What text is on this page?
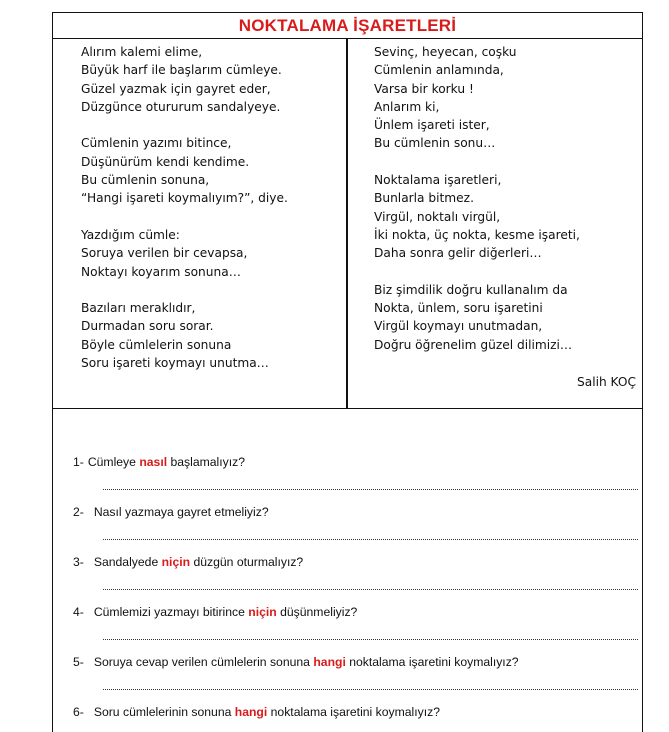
NOKTALAMA İŞARETLERİ
Alırım kalemi elime,
Büyük harf ile başlarım cümleye.
Güzel yazmak için gayret eder,
Düzgünce otururum sandalyeye.
Cümlenin yazımı bitince,
Düşünürüm kendi kendime.
Bu cümlenin sonuna,
“Hangi işareti koymalıyım?”, diye.
Yazdığım cümle:
Soruya verilen bir cevapsa,
Noktayı koyarım sonuna…
Bazıları meraklıdır,
Durmadan soru sorar.
Böyle cümlelerin sonuna
Soru işareti koymayı unutma…
Sevinç, heyecan, coşku
Cümlenin anlamında,
Varsa bir korku !
Anlarım ki,
Ünlem işareti ister,
Bu cümlenin sonu…
Noktalama işaretleri,
Bunlarla bitmez.
Virgül, noktalı virgül,
İki nokta, üç nokta, kesme işareti,
Daha sonra gelir diğerleri…
Biz şimdilik doğru kullanalım da
Nokta, ünlem, soru işaretini
Virgül koymayı unutmadan,
Doğru öğrenelim güzel dilimizi…
Salih KOÇ
1- Cümleye nasıl başlamalıyız?
2- Nasıl yazmaya gayret etmeliyiz?
3- Sandalyede niçin düzgün oturmalıyız?
4- Cümlemizi yazmayı bitirince niçin düşünmeliyiz?
5- Soruya cevap verilen cümlelerin sonuna hangi noktalama işaretini koymalıyız?
6- Soru cümlelerinin sonuna hangi noktalama işaretini koymalıyız?
